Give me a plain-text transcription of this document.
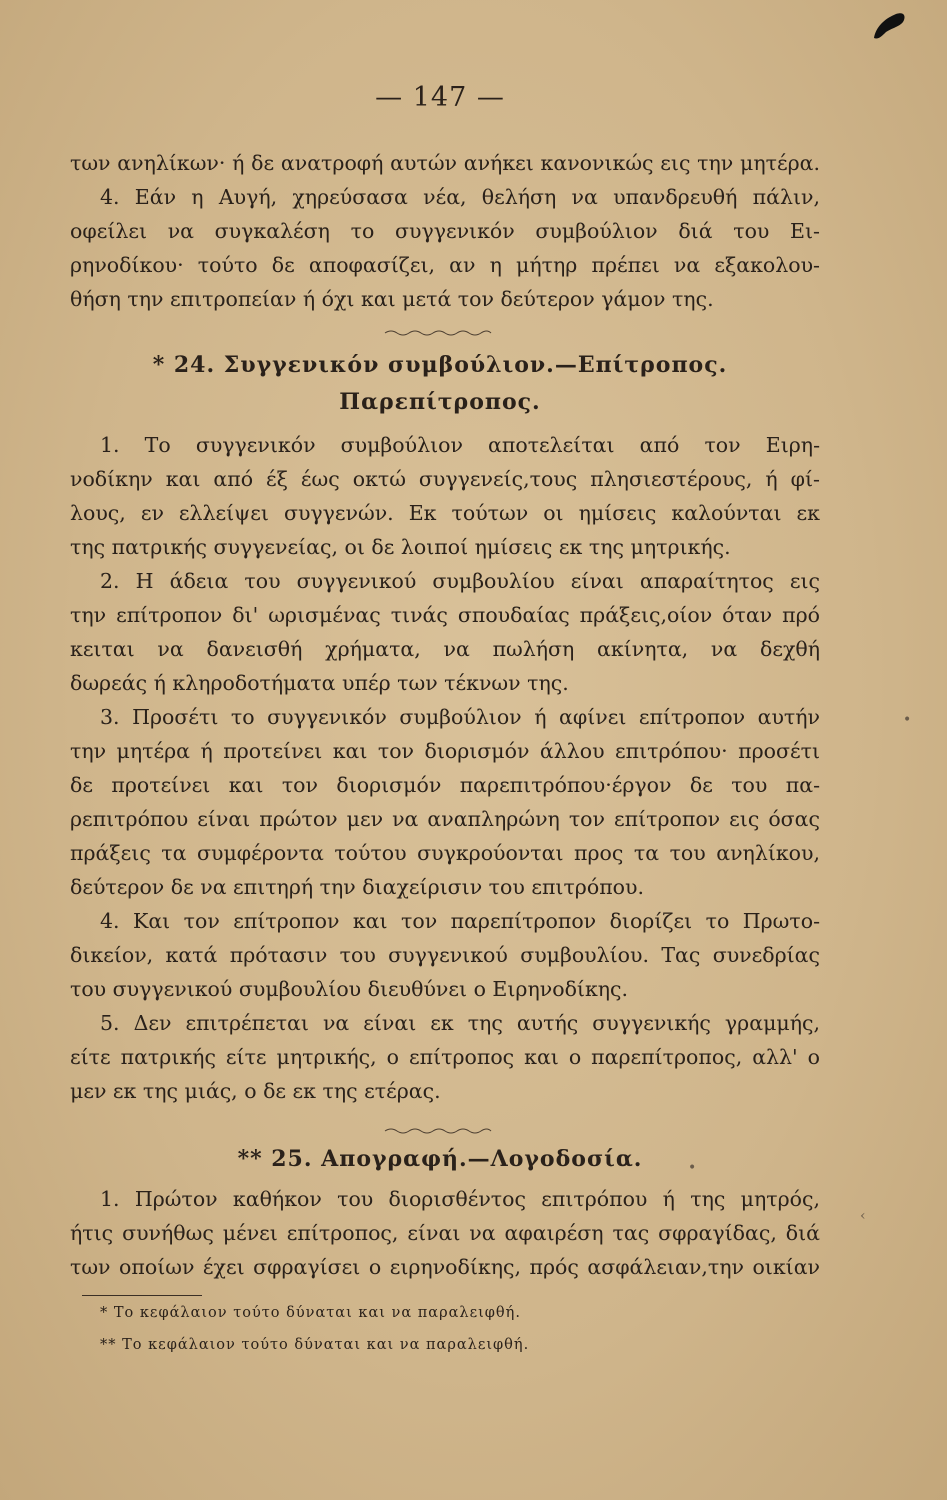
— 147 —
των ανηλίκων· ή δε ανατροφή αυτών ανήκει κανονικώς εις την μητέρα.
4. Εάν η Αυγή, χηρεύσασα νέα, θελήση να υπανδρευθή πάλιν,
οφείλει να συγκαλέση το συγγενικόν συμβούλιον διά του Ει-
ρηνοδίκου· τούτο δε αποφασίζει, αν η μήτηρ πρέπει να εξακολου-
θήση την επιτροπείαν ή όχι και μετά τον δεύτερον γάμον της.
* 24. Συγγενικόν συμβούλιον.—Επίτροπος.
Παρεπίτροπος.
1. Το συγγενικόν συμβούλιον αποτελείται από τον Ειρη-
νοδίκην και από έξ έως οκτώ συγγενείς,τους πλησιεστέρους, ή φί-
λους, εν ελλείψει συγγενών. Εκ τούτων οι ημίσεις καλούνται εκ
της πατρικής συγγενείας, οι δε λοιποί ημίσεις εκ της μητρικής.
2. Η άδεια του συγγενικού συμβουλίου είναι απαραίτητος εις
την επίτροπον δι' ωρισμένας τινάς σπουδαίας πράξεις,οίον όταν πρό
κειται να δανεισθή χρήματα, να πωλήση ακίνητα, να δεχθή
δωρεάς ή κληροδοτήματα υπέρ των τέκνων της.
3. Προσέτι το συγγενικόν συμβούλιον ή αφίνει επίτροπον αυτήν
την μητέρα ή προτείνει και τον διορισμόν άλλου επιτρόπου· προσέτι
δε προτείνει και τον διορισμόν παρεπιτρόπου·έργον δε του πα-
ρεπιτρόπου είναι πρώτον μεν να αναπληρώνη τον επίτροπον εις όσας
πράξεις τα συμφέροντα τούτου συγκρούονται προς τα του ανηλίκου,
δεύτερον δε να επιτηρή την διαχείρισιν του επιτρόπου.
4. Και τον επίτροπον και τον παρεπίτροπον διορίζει το Πρωτο-
δικείον, κατά πρότασιν του συγγενικού συμβουλίου. Τας συνεδρίας
του συγγενικού συμβουλίου διευθύνει ο Ειρηνοδίκης.
5. Δεν επιτρέπεται να είναι εκ της αυτής συγγενικής γραμμής,
είτε πατρικής είτε μητρικής, ο επίτροπος και ο παρεπίτροπος, αλλ' ο
μεν εκ της μιάς, ο δε εκ της ετέρας.
** 25. Απογραφή.—Λογοδοσία.
1. Πρώτον καθήκον του διορισθέντος επιτρόπου ή της μητρός,
ήτις συνήθως μένει επίτροπος, είναι να αφαιρέση τας σφραγίδας, διά
των οποίων έχει σφραγίσει ο ειρηνοδίκης, πρός ασφάλειαν,την οικίαν
* Το κεφάλαιον τούτο δύναται και να παραλειφθή.
** Το κεφάλαιον τούτο δύναται και να παραλειφθή.
•
‹
•
